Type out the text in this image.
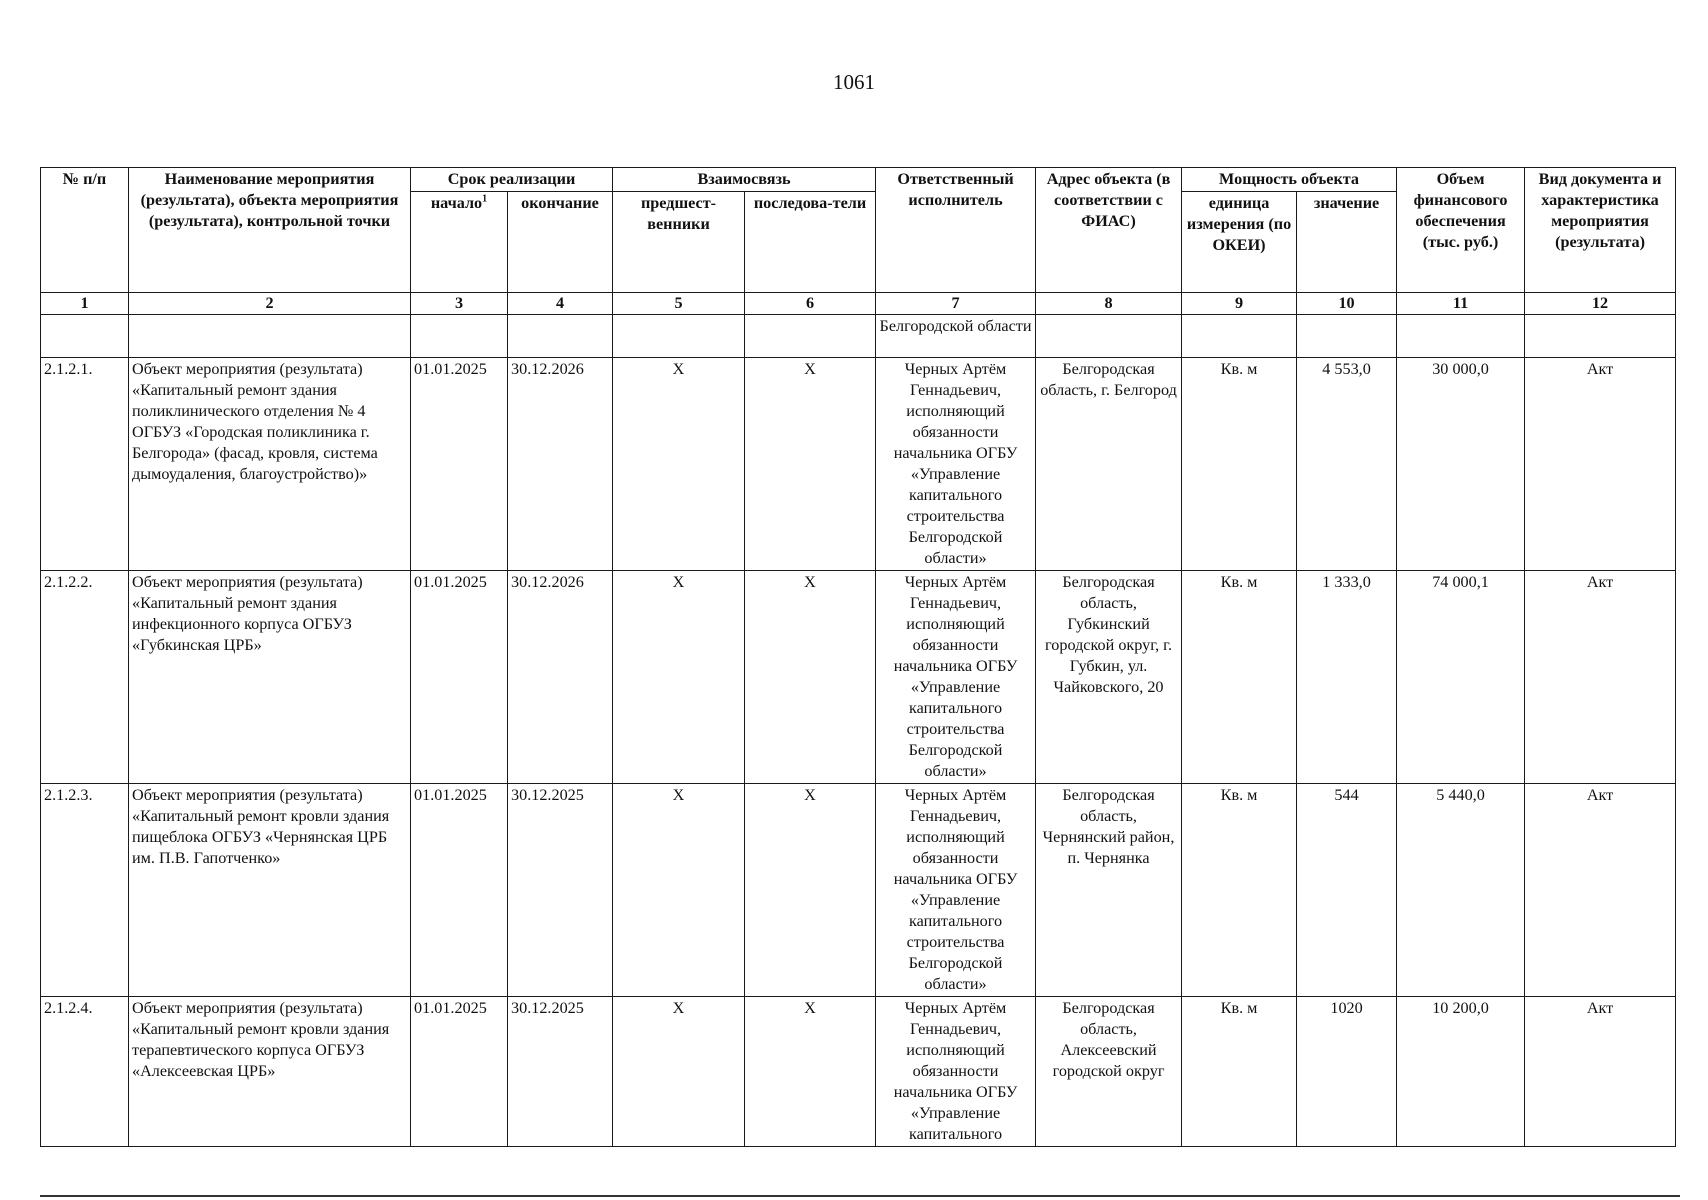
1061
№ п/п	Наименование мероприятия (результата), объекта мероприятия (результата), контрольной точки	Срок реализации		Взаимосвязь		Ответственный исполнитель	Адрес объекта (в соответствии с ФИАС)	Мощность объекта		Объем финансового обеспечения (тыс. руб.)	Вид документа и характеристика мероприятия (результата)
		начало$^1$	окончание	предшест-венники	последова-тели			единица измерения (по ОКЕИ)	значение		
1	2	3	4	5	6	7	8	9	10	11	12
						Белгородской области					
2.1.2.1.	Объект мероприятия (результата) «Капитальный ремонт здания поликлинического отделения № 4 ОГБУЗ «Городская поликлиника г. Белгорода» (фасад, кровля, система дымоудаления, благоустройство)»	01.01.2025	30.12.2026	Х	Х	Черных Артём Геннадьевич, исполняющий обязанности начальника ОГБУ «Управление капитального строительства Белгородской области»	Белгородская область, г. Белгород	Кв. м	4 553,0	30 000,0	Акт
2.1.2.2.	Объект мероприятия (результата) «Капитальный ремонт здания инфекционного корпуса ОГБУЗ «Губкинская ЦРБ»	01.01.2025	30.12.2026	Х	Х	Черных Артём Геннадьевич, исполняющий обязанности начальника ОГБУ «Управление капитального строительства Белгородской области»	Белгородская область, Губкинский городской округ, г. Губкин, ул. Чайковского, 20	Кв. м	1 333,0	74 000,1	Акт
2.1.2.3.	Объект мероприятия (результата) «Капитальный ремонт кровли здания пищеблока ОГБУЗ «Чернянская ЦРБ им. П.В. Гапотченко»	01.01.2025	30.12.2025	Х	Х	Черных Артём Геннадьевич, исполняющий обязанности начальника ОГБУ «Управление капитального строительства Белгородской области»	Белгородская область, Чернянский район, п. Чернянка	Кв. м	544	5 440,0	Акт
2.1.2.4.	Объект мероприятия (результата) «Капитальный ремонт кровли здания терапевтического корпуса ОГБУЗ «Алексеевская ЦРБ»	01.01.2025	30.12.2025	Х	Х	Черных Артём Геннадьевич, исполняющий обязанности начальника ОГБУ «Управление капитального	Белгородская область, Алексеевский городской округ	Кв. м	1020	10 200,0	Акт
